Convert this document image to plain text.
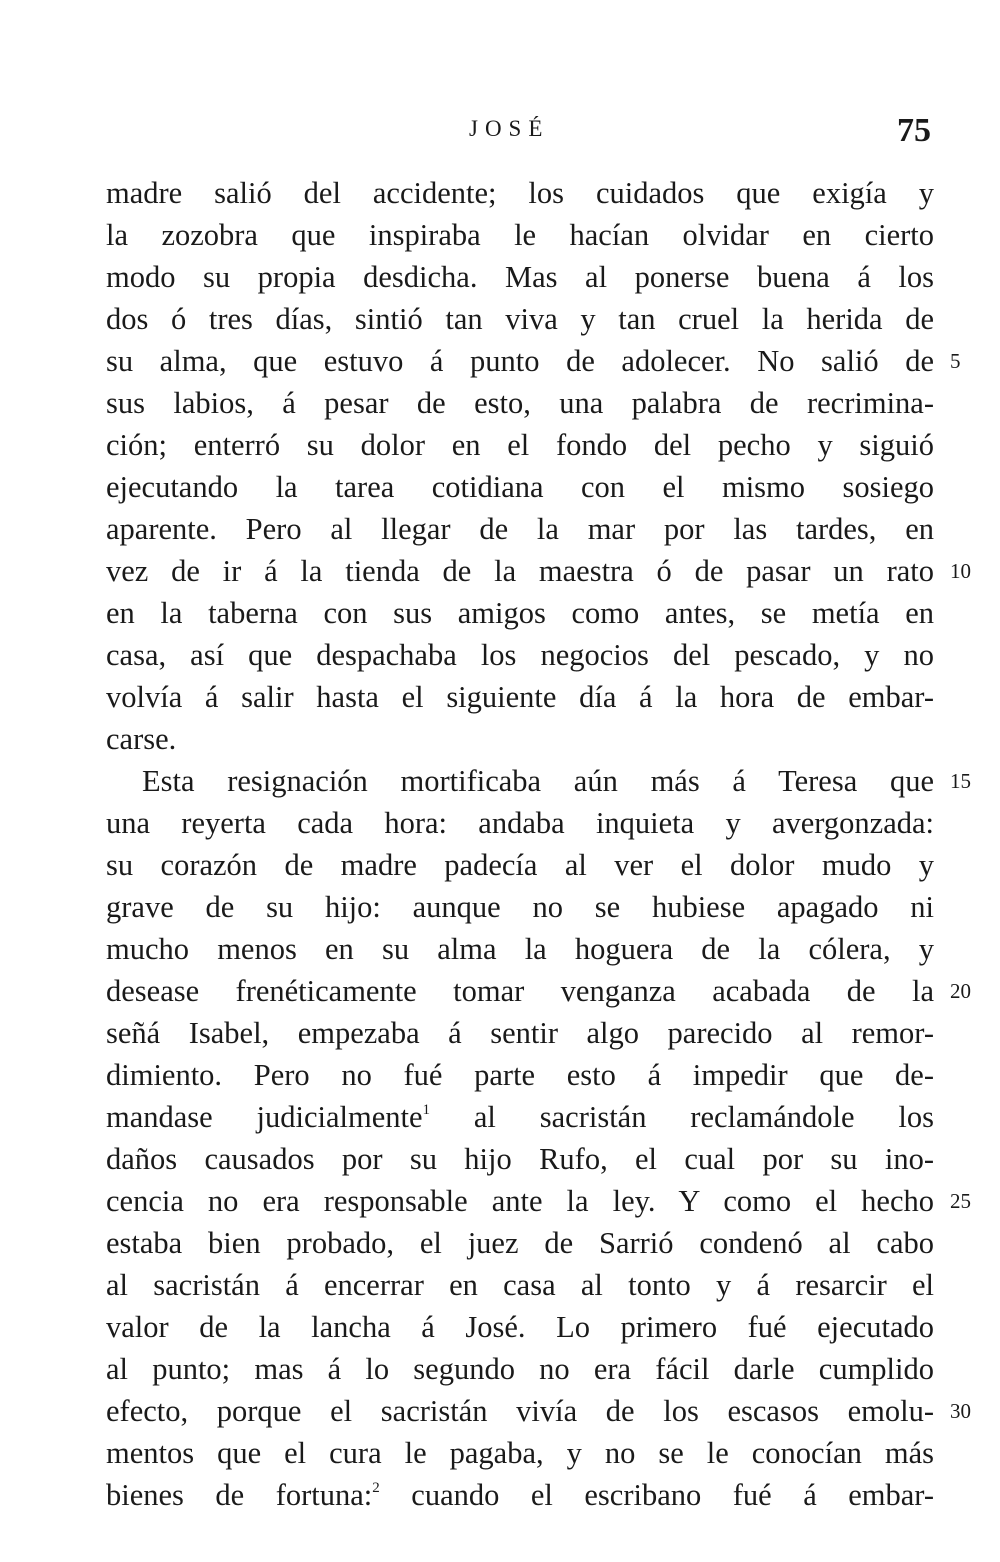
JOSÉ	75
madre salió del accidente; los cuidados que exigía y
la zozobra que inspiraba le hacían olvidar en cierto
modo su propia desdicha. Mas al ponerse buena á los
dos ó tres días, sintió tan viva y tan cruel la herida de
su alma, que estuvo á punto de adolecer. No salió de
sus labios, á pesar de esto, una palabra de recrimina-
ción; enterró su dolor en el fondo del pecho y siguió
ejecutando la tarea cotidiana con el mismo sosiego
aparente. Pero al llegar de la mar por las tardes, en
vez de ir á la tienda de la maestra ó de pasar un rato
en la taberna con sus amigos como antes, se metía en
casa, así que despachaba los negocios del pescado, y no
volvía á salir hasta el siguiente día á la hora de embar-
carse.
Esta resignación mortificaba aún más á Teresa que
una reyerta cada hora: andaba inquieta y avergonzada:
su corazón de madre padecía al ver el dolor mudo y
grave de su hijo: aunque no se hubiese apagado ni
mucho menos en su alma la hoguera de la cólera, y
desease frenéticamente tomar venganza acabada de la
señá Isabel, empezaba á sentir algo parecido al remor-
dimiento. Pero no fué parte esto á impedir que de-
mandase judicialmente$^1$ al sacristán reclamándole los
daños causados por su hijo Rufo, el cual por su ino-
cencia no era responsable ante la ley. Y como el hecho
estaba bien probado, el juez de Sarrió condenó al cabo
al sacristán á encerrar en casa al tonto y á resarcir el
valor de la lancha á José. Lo primero fué ejecutado
al punto; mas á lo segundo no era fácil darle cumplido
efecto, porque el sacristán vivía de los escasos emolu-
mentos que el cura le pagaba, y no se le conocían más
bienes de fortuna:$^2$ cuando el escribano fué á embar-
5
10
15
20
25
30
